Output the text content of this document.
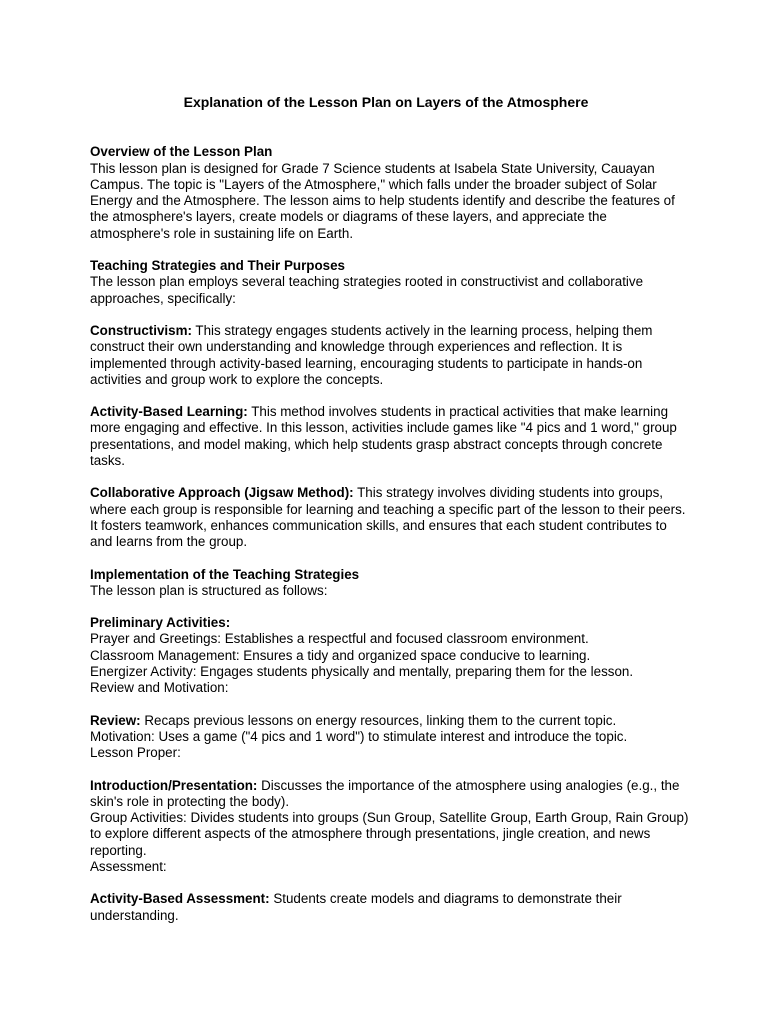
Explanation of the Lesson Plan on Layers of the Atmosphere

Overview of the Lesson Plan

This lesson plan is designed for Grade 7 Science students at Isabela State University, Cauayan Campus. The topic is "Layers of the Atmosphere," which falls under the broader subject of Solar Energy and the Atmosphere. The lesson aims to help students identify and describe the features of the atmosphere's layers, create models or diagrams of these layers, and appreciate the atmosphere's role in sustaining life on Earth.

Teaching Strategies and Their Purposes

The lesson plan employs several teaching strategies rooted in constructivist and collaborative approaches, specifically:

Constructivism: This strategy engages students actively in the learning process, helping them construct their own understanding and knowledge through experiences and reflection. It is implemented through activity-based learning, encouraging students to participate in hands-on activities and group work to explore the concepts.

Activity-Based Learning: This method involves students in practical activities that make learning more engaging and effective. In this lesson, activities include games like "4 pics and 1 word," group presentations, and model making, which help students grasp abstract concepts through concrete tasks.

Collaborative Approach (Jigsaw Method): This strategy involves dividing students into groups, where each group is responsible for learning and teaching a specific part of the lesson to their peers. It fosters teamwork, enhances communication skills, and ensures that each student contributes to and learns from the group.

Implementation of the Teaching Strategies

The lesson plan is structured as follows:

Preliminary Activities:

Prayer and Greetings: Establishes a respectful and focused classroom environment.

Classroom Management: Ensures a tidy and organized space conducive to learning.

Energizer Activity: Engages students physically and mentally, preparing them for the lesson.

Review and Motivation:

Review: Recaps previous lessons on energy resources, linking them to the current topic.

Motivation: Uses a game ("4 pics and 1 word") to stimulate interest and introduce the topic.

Lesson Proper:

Introduction/Presentation: Discusses the importance of the atmosphere using analogies (e.g., the skin's role in protecting the body).

Group Activities: Divides students into groups (Sun Group, Satellite Group, Earth Group, Rain Group) to explore different aspects of the atmosphere through presentations, jingle creation, and news reporting.

Assessment:

Activity-Based Assessment: Students create models and diagrams to demonstrate their understanding.
